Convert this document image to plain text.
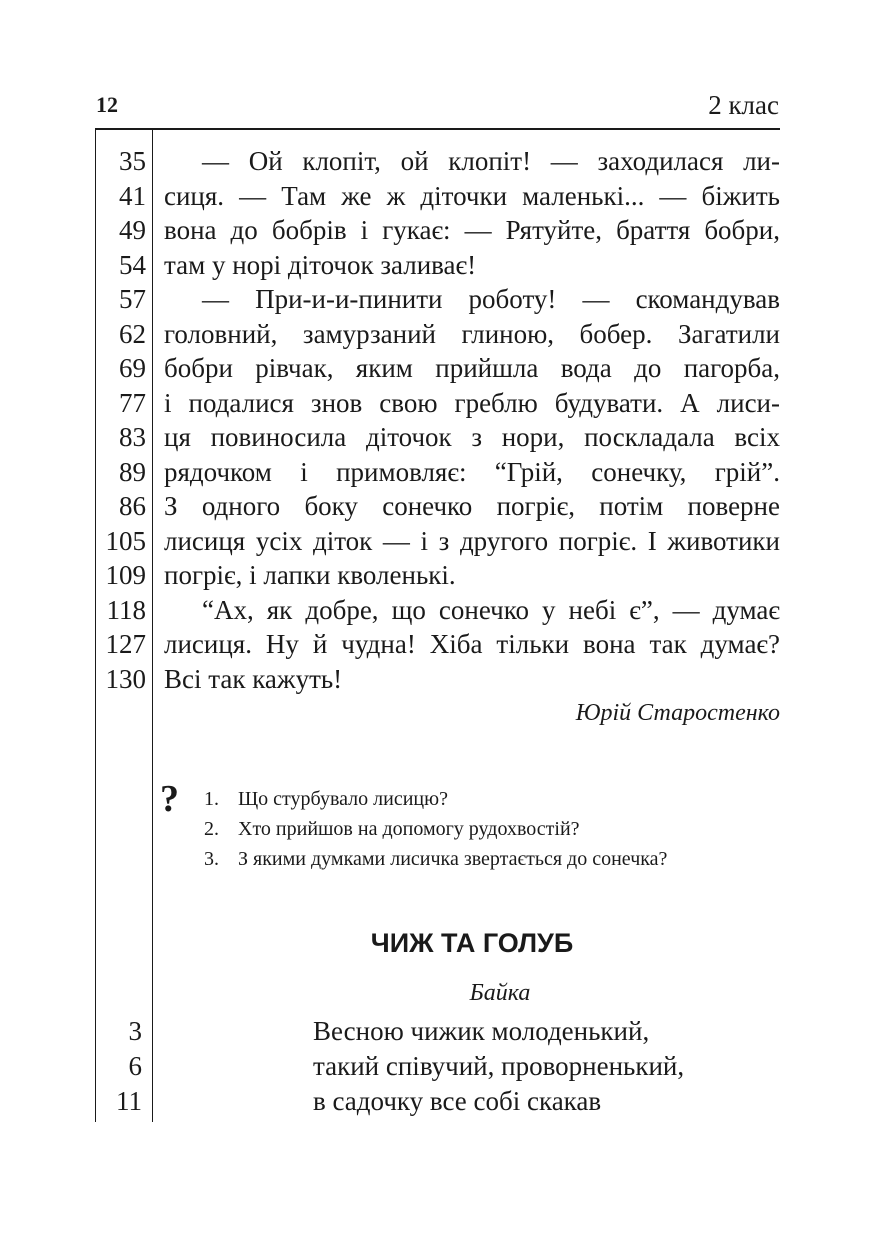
12	2 клас
35
41
49
54
57
62
69
77
83
89
86
105
109
118
127
130
— Ой клопіт, ой клопіт! — заходилася ли-
сиця. — Там же ж діточки маленькі... — біжить
вона до бобрів і гукає: — Рятуйте, браття бобри,
там у норі діточок заливає!
— При-и-и-пинити роботу! — скомандував
головний, замурзаний глиною, бобер. Загатили
бобри рівчак, яким прийшла вода до пагорба,
і подалися знов свою греблю будувати. А лиси-
ця повиносила діточок з нори, поскладала всіх
рядочком і примовляє: “Грій, сонечку, грій”.
З одного боку сонечко погріє, потім поверне
лисиця усіх діток — і з другого погріє. І животики
погріє, і лапки кволенькі.
“Ах, як добре, що сонечко у небі є”, — думає
лисиця. Ну й чудна! Хіба тільки вона так думає?
Всі так кажуть!
Юрій Старостенко
? 1. Що стурбувало лисицю?
2. Хто прийшов на допомогу рудохвостій?
3. З якими думками лисичка звертається до сонечка?
ЧИЖ ТА ГОЛУБ
Байка
3
6
11
Весною чижик молоденький,
такий співучий, проворненький,
в садочку все собі скакав
